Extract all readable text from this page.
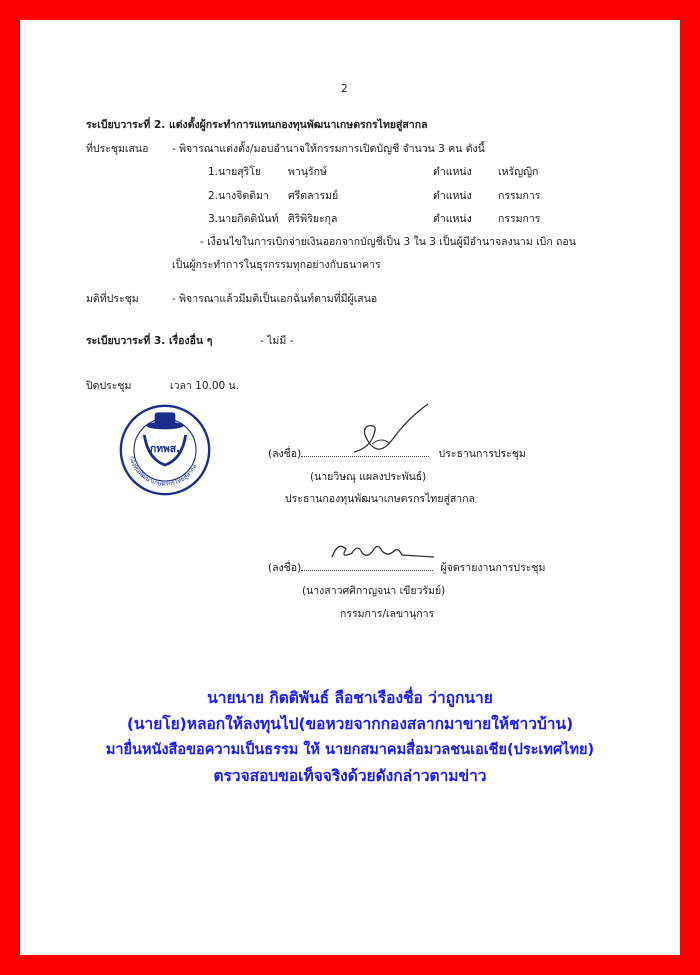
2
ระเบียบวาระที่ 2. แต่งตั้งผู้กระทำการแทนกองทุนพัฒนาเกษตรกรไทยสู่สากล
ที่ประชุมเสนอ - พิจารณาแต่งตั้ง/มอบอำนาจให้กรรมการเปิดบัญชี จำนวน 3 คน ดังนี้
1.นายสุริโย	พานุรักษ์	ตำแหน่ง	เหรัญญิก
2.นางจิตติมา ศรีตลารมย์	ตำแหน่ง	กรรมการ
3.นายกิตตินันท์ ศิริพิริยะกุล	ตำแหน่ง	กรรมการ
- เงื่อนไขในการเบิกจ่ายเงินออกจากบัญชีเป็น 3 ใน 3 เป็นผู้มีอำนาจลงนาม เบิก ถอน
เป็นผู้กระทำการในธุรกรรมทุกอย่างกับธนาคาร
มติที่ประชุม	- พิจารณาแล้วมีมติเป็นเอกฉันท์ตามที่มีผู้เสนอ
ระเบียบวาระที่ 3. เรื่องอื่น ๆ	- ไม่มี -
ปิดประชุม	เวลา 10.00 น.
กทพส.
กองทุนพัฒนาเกษตรกรไทยสู่สากล
(ลงชื่อ)	ประธานการประชุม
(นายวิษณุ แผลงประพันธ์)
ประธานกองทุนพัฒนาเกษตรกรไทยสู่สากล
(ลงชื่อ)	ผู้จดรายงานการประชุม
(นางสาวศศิกาญจนา เขียวรัมย์)
กรรมการ/เลขานุการ
นายนาย กิตติพันธ์ ลือชาเรืองชื่อ ว่าถูกนาย
(นายโย)หลอกให้ลงทุนไป(ขอหวยจากกองสลากมาขายให้ชาวบ้าน)
มายื่นหนังสือขอความเป็นธรรม ให้ นายกสมาคมสื่อมวลชนเอเชีย(ประเทศไทย)
ตรวจสอบขอเท็จจริงด้วยดังกล่าวตามข่าว
